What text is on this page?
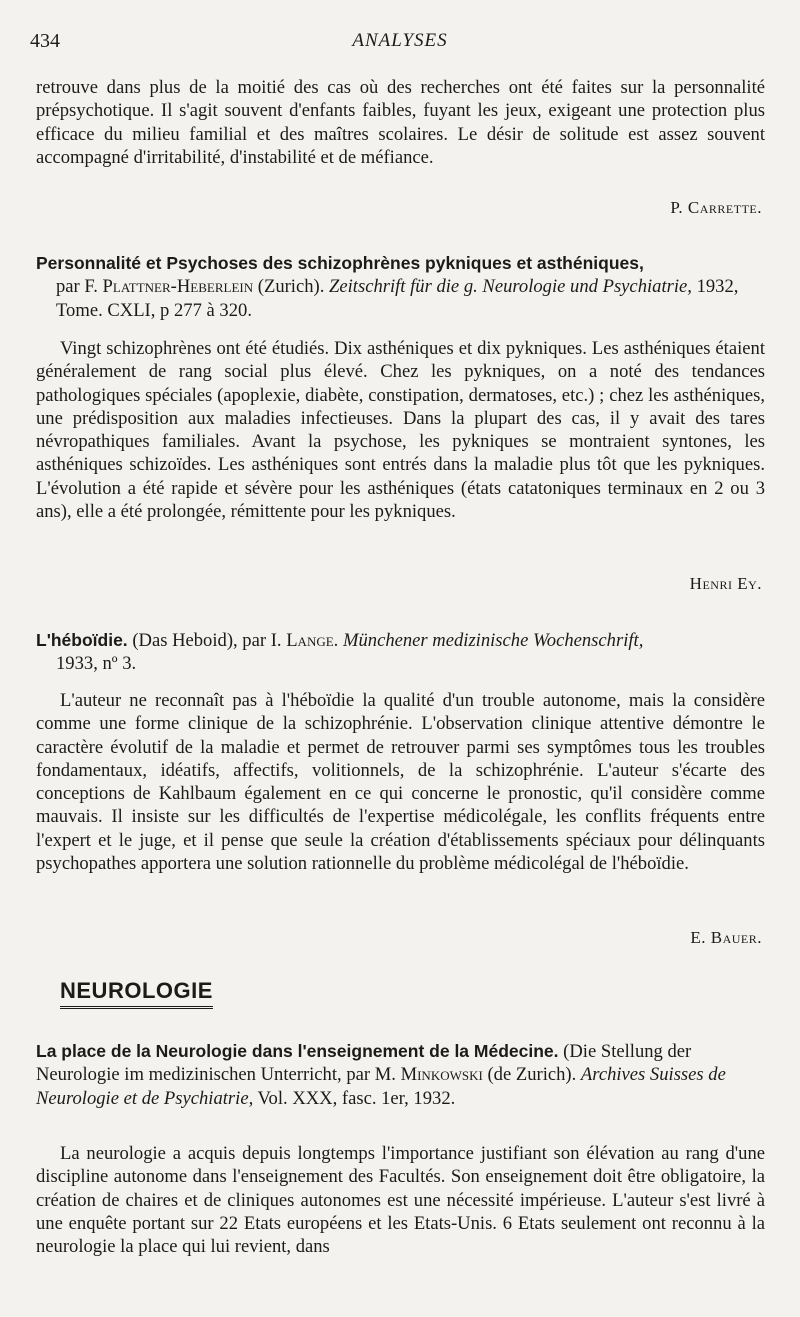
434	ANALYSES

retrouve dans plus de la moitié des cas où des recherches ont été faites sur la personnalité prépsychotique. Il s'agit souvent d'enfants faibles, fuyant les jeux, exigeant une protection plus efficace du milieu familial et des maîtres scolaires. Le désir de solitude est assez souvent accompagné d'irritabilité, d'instabilité et de méfiance.

P. Carrette.

Personnalité et Psychoses des schizophrènes pykniques et asthéniques,
par F. Plattner-Heberlein (Zurich). Zeitschrift für die g. Neurologie und Psychiatrie, 1932, Tome. CXLI, p 277 à 320.

Vingt schizophrènes ont été étudiés. Dix asthéniques et dix pykniques. Les asthéniques étaient généralement de rang social plus élevé. Chez les pykniques, on a noté des tendances pathologiques spéciales (apoplexie, diabète, constipation, dermatoses, etc.) ; chez les asthéniques, une prédisposition aux maladies infectieuses. Dans la plupart des cas, il y avait des tares névropathiques familiales. Avant la psychose, les pykniques se montraient syntones, les asthéniques schizoïdes. Les asthéniques sont entrés dans la maladie plus tôt que les pykniques. L'évolution a été rapide et sévère pour les asthéniques (états catatoniques terminaux en 2 ou 3 ans), elle a été prolongée, rémittente pour les pykniques.

Henri Ey.

L'héboïdie. (Das Heboid), par I. Lange. Münchener medizinische Wochenschrift,
1933, nº 3.

L'auteur ne reconnaît pas à l'héboïdie la qualité d'un trouble autonome, mais la considère comme une forme clinique de la schizophrénie. L'observation clinique attentive démontre le caractère évolutif de la maladie et permet de retrouver parmi ses symptômes tous les troubles fondamentaux, idéatifs, affectifs, volitionnels, de la schizophrénie. L'auteur s'écarte des conceptions de Kahlbaum également en ce qui concerne le pronostic, qu'il considère comme mauvais. Il insiste sur les difficultés de l'expertise médicolégale, les conflits fréquents entre l'expert et le juge, et il pense que seule la création d'établissements spéciaux pour délinquants psychopathes apportera une solution rationnelle du problème médicolégal de l'héboïdie.

E. Bauer.
NEUROLOGIE

La place de la Neurologie dans l'enseignement de la Médecine. (Die Stellung der Neurologie im medizinischen Unterricht, par M. Minkowski (de Zurich). Archives Suisses de Neurologie et de Psychiatrie, Vol. XXX, fasc. 1er, 1932.

La neurologie a acquis depuis longtemps l'importance justifiant son élévation au rang d'une discipline autonome dans l'enseignement des Facultés. Son enseignement doit être obligatoire, la création de chaires et de cliniques autonomes est une nécessité impérieuse. L'auteur s'est livré à une enquête portant sur 22 Etats européens et les Etats-Unis. 6 Etats seulement ont reconnu à la neurologie la place qui lui revient, dans
